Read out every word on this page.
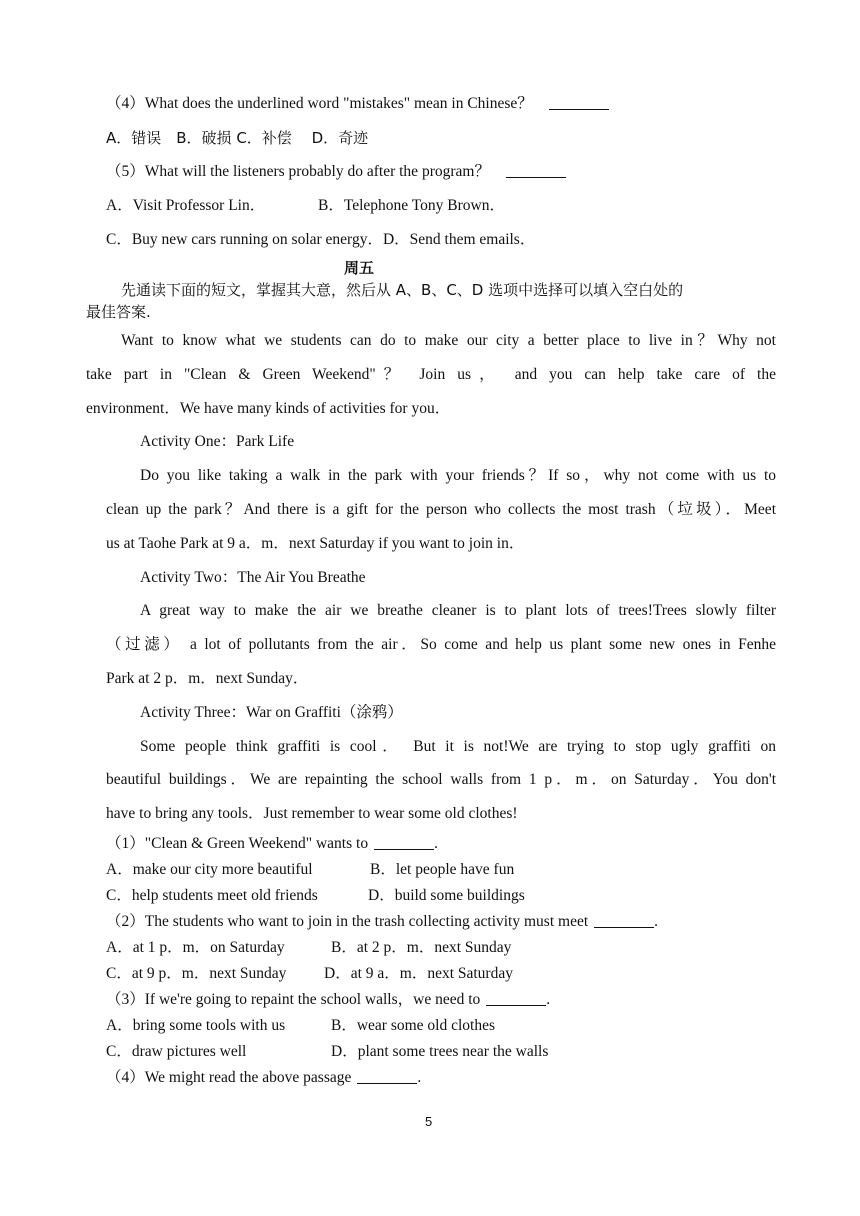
（4）What does the underlined word "mistakes" mean in Chinese？
A．错误　B．破损 C．补偿　 D．奇迹
（5）What will the listeners probably do after the program？
A．Visit Professor Lin．	B．Telephone Tony Brown．
C．Buy new cars running on solar energy．D．Send them emails．
周五
先通读下面的短文，掌握其大意，然后从 A、B、C、D 选项中选择可以填入空白处的
最佳答案.
Want to know what we students can do to make our city a better place to live in？Why not
take part in "Clean & Green Weekend"？ Join us， and you can help take care of the
environment．We have many kinds of activities for you．
Activity One：Park Life
Do you like taking a walk in the park with your friends？If so，why not come with us to
clean up the park？And there is a gift for the person who collects the most trash（垃圾）．Meet
us at Taohe Park at 9 a．m．next Saturday if you want to join in．
Activity Two：The Air You Breathe
A great way to make the air we breathe cleaner is to plant lots of trees!Trees slowly filter
（过滤） a lot of pollutants from the air．So come and help us plant some new ones in Fenhe
Park at 2 p．m．next Sunday．
Activity Three：War on Graffiti（涂鸦）
Some people think graffiti is cool． But it is not!We are trying to stop ugly graffiti on
beautiful buildings．We are repainting the school walls from 1 p．m．on Saturday．You don't
have to bring any tools．Just remember to wear some old clothes!
（1）"Clean & Green Weekend" wants to	.
A．make our city more beautiful	B．let people have fun
C．help students meet old friends	D．build some buildings
（2）The students who want to join in the trash collecting activity must meet	.
A．at 1 p．m．on Saturday	B．at 2 p．m．next Sunday
C．at 9 p．m．next Sunday D．at 9 a．m．next Saturday
（3）If we're going to repaint the school walls，we need to	.
A．bring some tools with us	B．wear some old clothes
C．draw pictures well	D．plant some trees near the walls
（4）We might read the above passage	.
5
